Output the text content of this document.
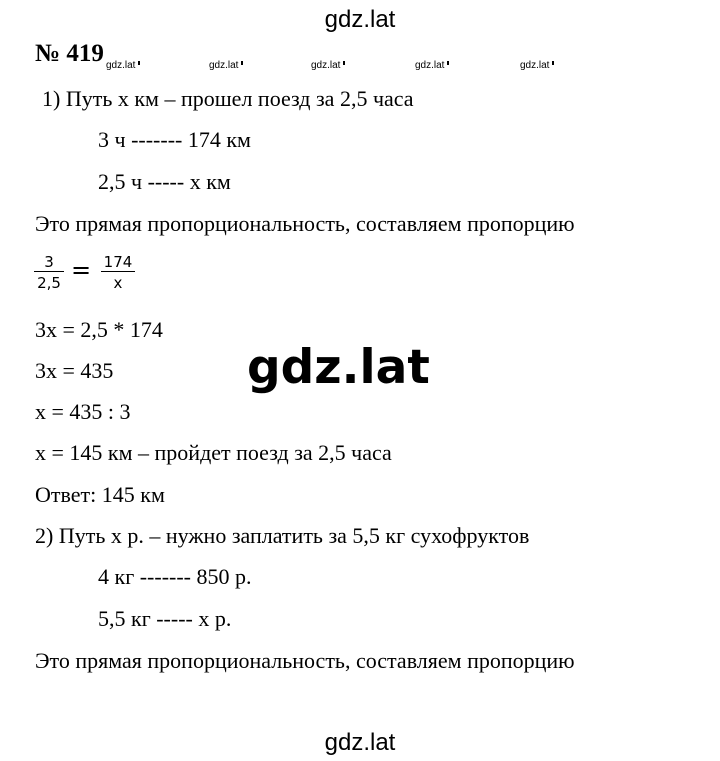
gdz.lat
№ 419 gdz.lat	gdz.lat	gdz.lat	gdz.lat	gdz.lat
1) Путь х км – прошел поезд за 2,5 часа
3 ч ------- 174 км
2,5 ч ----- х км
Это прямая пропорциональность, составляем пропорцию
$\frac{3}{2,5} = \frac{174}{x}$
3х = 2,5 * 174
3х = 435
х = 435 : 3
х = 145 км – пройдет поезд за 2,5 часа
Ответ: 145 км
2) Путь х р. – нужно заплатить за 5,5 кг сухофруктов
4 кг ------- 850 р.
5,5 кг ----- х р.
Это прямая пропорциональность, составляем пропорцию
gdz.lat
gdz.lat
